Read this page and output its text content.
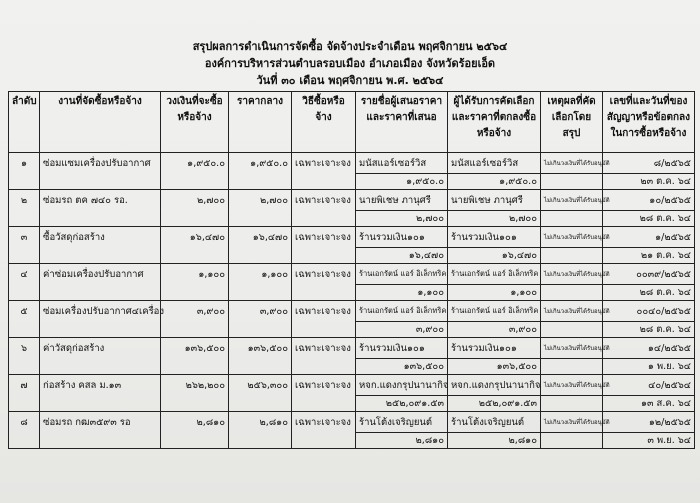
สรุปผลการดำเนินการจัดซื้อ จัดจ้างประจำเดือน พฤศจิกายน ๒๕๖๔
องค์การบริหารส่วนตำบลรอบเมือง อำเภอเมือง จังหวัดร้อยเอ็ด
วันที่ ๓๐ เดือน พฤศจิกายน พ.ศ. ๒๕๖๔
ลำดับ	งานที่จัดซื้อหรือจ้าง	วงเงินที่จะซื้อหรือจ้าง	ราคากลาง	วิธีซื้อหรือจ้าง	รายชื่อผู้เสนอราคาและราคาที่เสนอ	ผู้ได้รับการคัดเลือกและราคาที่ตกลงซื้อหรือจ้าง	เหตุผลที่คัดเลือกโดยสรุป	เลขที่และวันที่ของสัญญาหรือข้อตกลงในการซื้อหรือจ้าง
๑	ซ่อมแซมเครื่องปรับอากาศ	๑,๙๕๐.๐	๑,๙๕๐.๐	เฉพาะเจาะจง	มนัสแอร์เซอร์วิส	มนัสแอร์เซอร์วิส	ไม่เกินวงเงินที่ได้รับอนุมัติ	๘/๒๕๖๕
					๑,๙๕๐.๐	๑,๙๕๐.๐		๒๓ ต.ค. ๖๔
๒	ซ่อมรถ ตค ๗๔๐ รอ.	๒,๗๐๐	๒,๗๐๐	เฉพาะเจาะจง	นายพิเชษ ภานุศรี	นายพิเชษ ภานุศรี	ไม่เกินวงเงินที่ได้รับอนุมัติ	๑๐/๒๕๖๕
					๒,๗๐๐	๒,๗๐๐		๒๘ ต.ค. ๖๔
๓	ซื้อวัสดุก่อสร้าง	๑๖,๔๗๐	๑๖,๔๗๐	เฉพาะเจาะจง	ร้านรวมเงิน๑๐๑	ร้านรวมเงิน๑๐๑	ไม่เกินวงเงินที่ได้รับอนุมัติ	๑/๒๕๖๕
					๑๖,๔๗๐	๑๖,๔๗๐		๒๑ ต.ค. ๖๔
๔	ค่าซ่อมเครื่องปรับอากาศ	๑,๑๐๐	๑,๑๐๐	เฉพาะเจาะจง	ร้านเอกรัตน์ แอร์ อิเล็กทริค	ร้านเอกรัตน์ แอร์ อิเล็กทริค	ไม่เกินวงเงินที่ได้รับอนุมัติ	๐๐๓๙/๒๕๖๕
					๑,๑๐๐	๑,๑๐๐		๒๘ ต.ค. ๖๔
๕	ซ่อมเครื่องปรับอากาศ๔เครื่อง	๓,๙๐๐	๓,๙๐๐	เฉพาะเจาะจง	ร้านเอกรัตน์ แอร์ อิเล็กทริค	ร้านเอกรัตน์ แอร์ อิเล็กทริค	ไม่เกินวงเงินที่ได้รับอนุมัติ	๐๐๔๐/๒๕๖๕
					๓,๙๐๐	๓,๙๐๐		๒๘ ต.ค. ๖๔
๖	ค่าวัสดุก่อสร้าง	๑๓๖,๕๐๐	๑๓๖,๕๐๐	เฉพาะเจาะจง	ร้านรวมเงิน๑๐๑	ร้านรวมเงิน๑๐๑	ไม่เกินวงเงินที่ได้รับอนุมัติ	๑๔/๒๕๖๕
					๑๓๖,๕๐๐	๑๓๖,๕๐๐		๑ พ.ย. ๖๔
๗	ก่อสร้าง คสล ม.๑๓	๒๖๒,๒๐๐	๒๕๖,๓๐๐	เฉพาะเจาะจง	หจก.แดงกรุปนานากิจ	หจก.แดงกรุปนานากิจ	ไม่เกินวงเงินที่ได้รับอนุมัติ	๔๐/๒๕๖๔
					๒๕๒,๐๙๑.๕๓	๒๕๒,๐๙๑.๕๓		๑๓ ส.ค. ๖๔
๘	ซ่อมรถ กฒ๓๕๙๓ รอ	๒,๘๑๐	๒,๘๑๐	เฉพาะเจาะจง	ร้านโต้งเจริญยนต์	ร้านโต้งเจริญยนต์	ไม่เกินวงเงินที่ได้รับอนุมัติ	๑๒/๒๕๖๕
					๒,๘๑๐	๒,๘๑๐		๓ พ.ย. ๖๔
